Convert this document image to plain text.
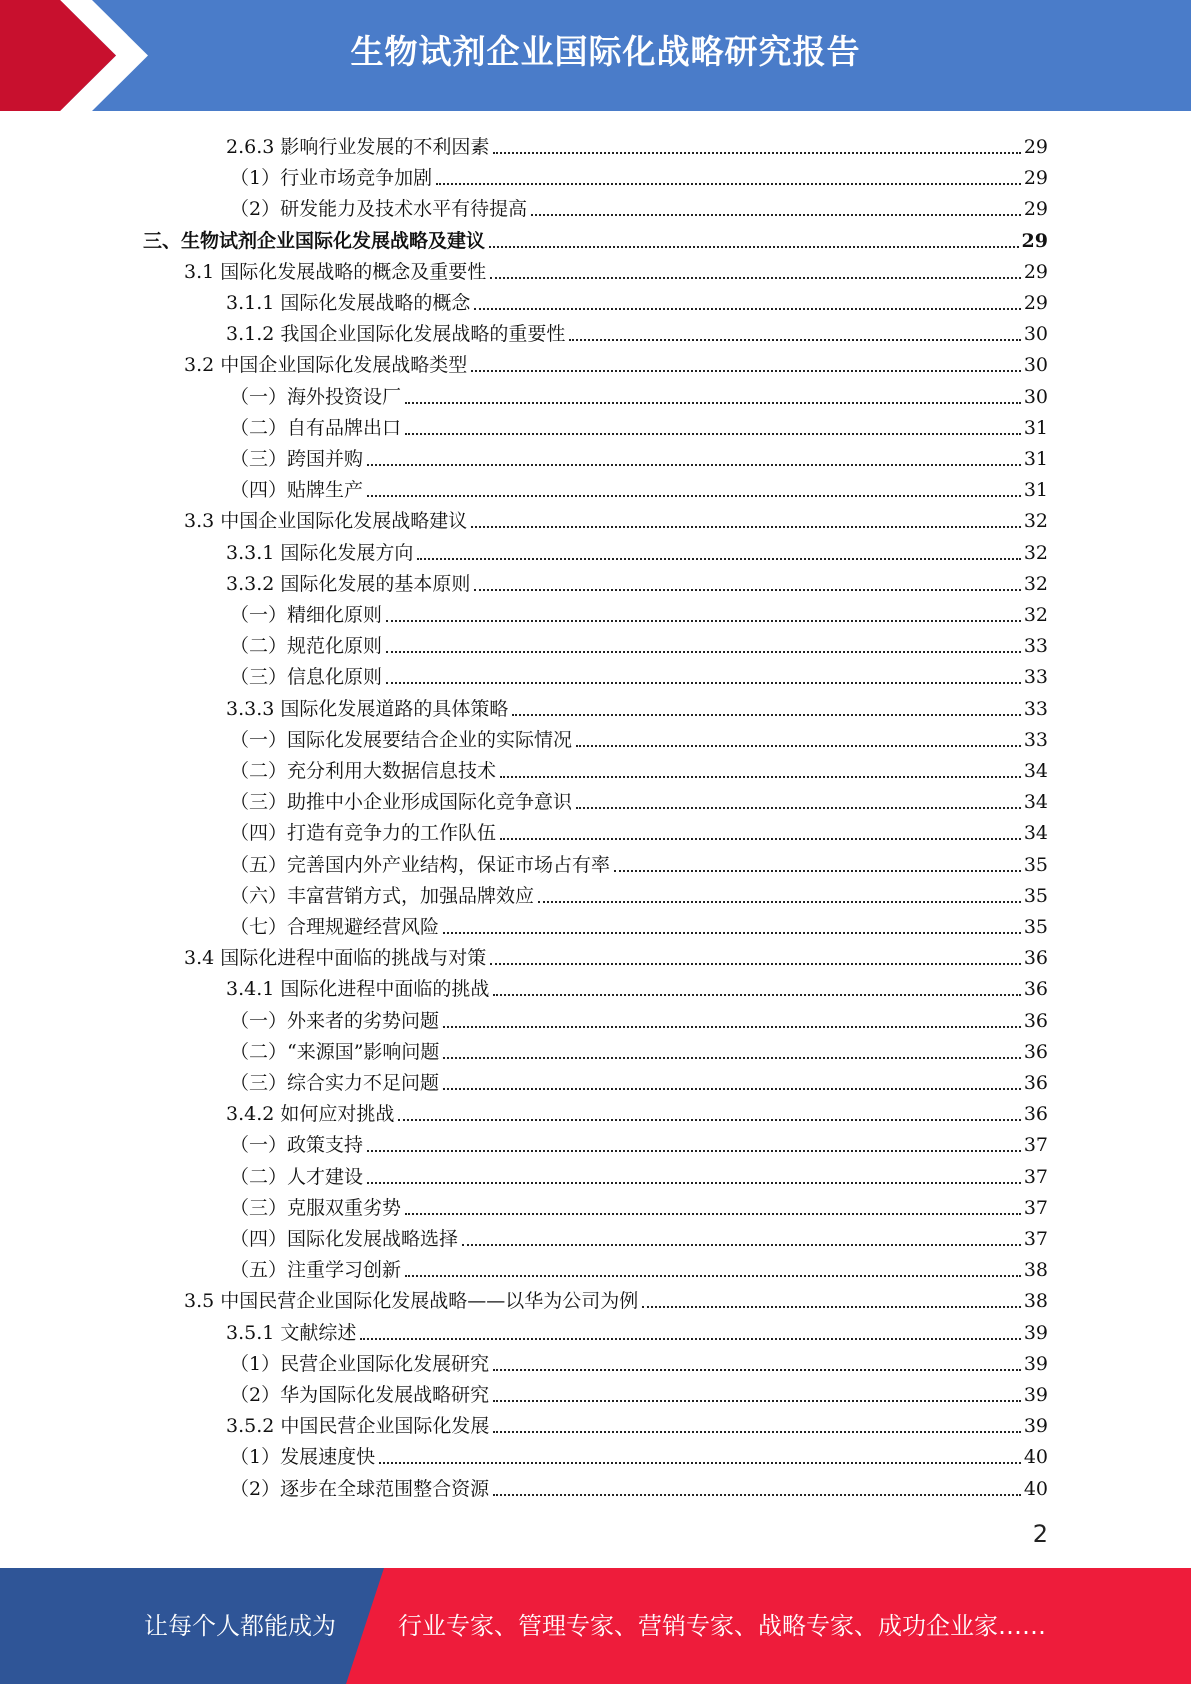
生物试剂企业国际化战略研究报告
2.6.3 影响行业发展的不利因素	29
（1）行业市场竞争加剧	29
（2）研发能力及技术水平有待提高	29
三、生物试剂企业国际化发展战略及建议	29
3.1 国际化发展战略的概念及重要性	29
3.1.1 国际化发展战略的概念	29
3.1.2 我国企业国际化发展战略的重要性	30
3.2 中国企业国际化发展战略类型	30
（一）海外投资设厂	30
（二）自有品牌出口	31
（三）跨国并购	31
（四）贴牌生产	31
3.3 中国企业国际化发展战略建议	32
3.3.1 国际化发展方向	32
3.3.2 国际化发展的基本原则	32
（一）精细化原则	32
（二）规范化原则	33
（三）信息化原则	33
3.3.3 国际化发展道路的具体策略	33
（一）国际化发展要结合企业的实际情况	33
（二）充分利用大数据信息技术	34
（三）助推中小企业形成国际化竞争意识	34
（四）打造有竞争力的工作队伍	34
（五）完善国内外产业结构，保证市场占有率	35
（六）丰富营销方式，加强品牌效应	35
（七）合理规避经营风险	35
3.4 国际化进程中面临的挑战与对策	36
3.4.1 国际化进程中面临的挑战	36
（一）外来者的劣势问题	36
（二）“来源国”影响问题	36
（三）综合实力不足问题	36
3.4.2 如何应对挑战	36
（一）政策支持	37
（二）人才建设	37
（三）克服双重劣势	37
（四）国际化发展战略选择	37
（五）注重学习创新	38
3.5 中国民营企业国际化发展战略——以华为公司为例	38
3.5.1 文献综述	39
（1）民营企业国际化发展研究	39
（2）华为国际化发展战略研究	39
3.5.2 中国民营企业国际化发展	39
（1）发展速度快	40
（2）逐步在全球范围整合资源	40
2
让每个人都能成为	行业专家、管理专家、营销专家、战略专家、成功企业家……
